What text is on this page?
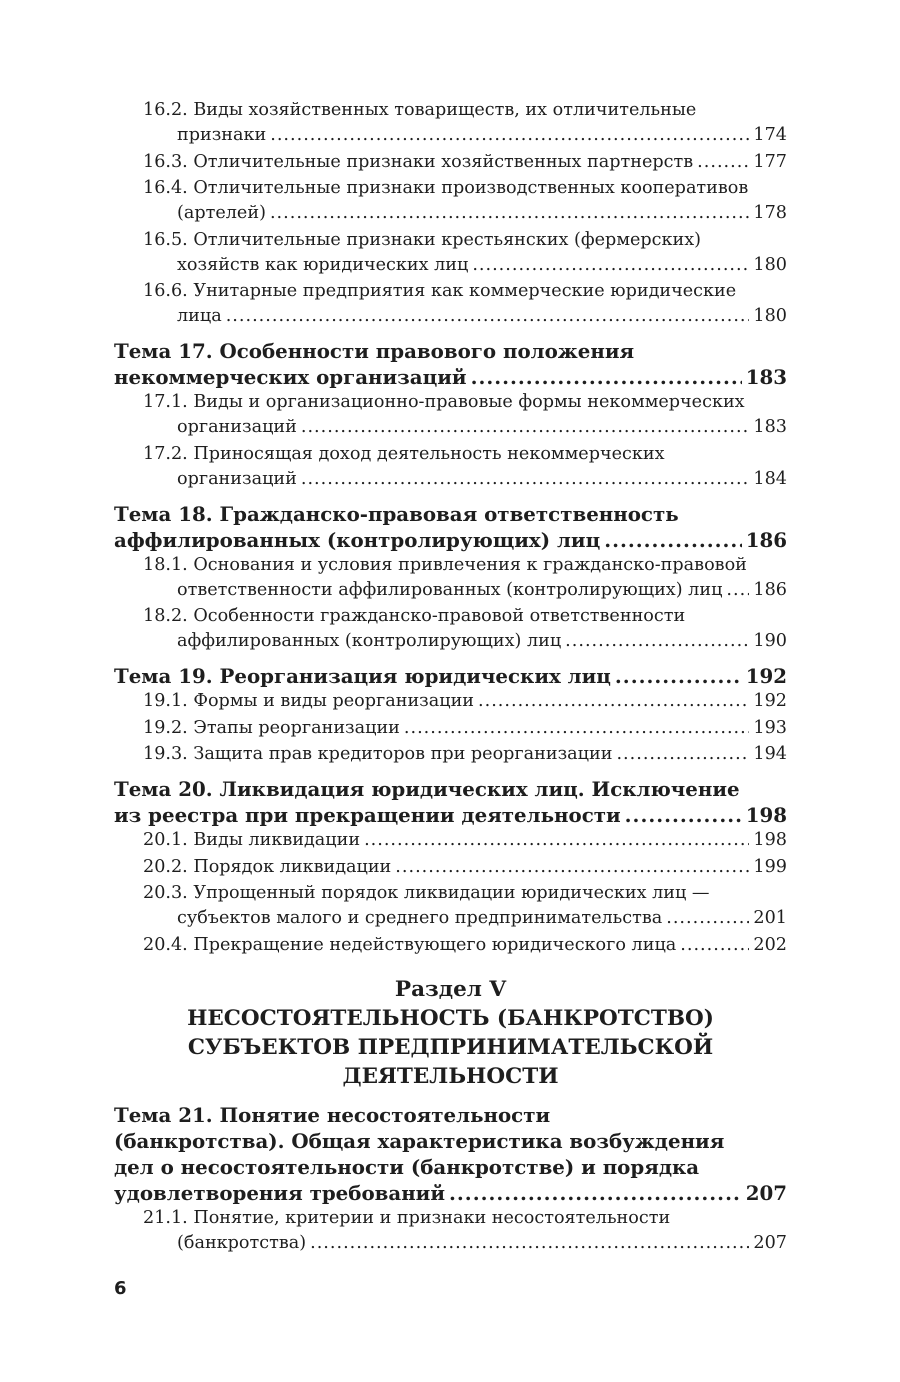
16.2. Виды хозяйственных товариществ, их отличительные
признаки .....	174
16.3. Отличительные признаки хозяйственных партнерств .....	177
16.4. Отличительные признаки производственных кооперативов
(артелей) .....	178
16.5. Отличительные признаки крестьянских (фермерских)
хозяйств как юридических лиц .....	180
16.6. Унитарные предприятия как коммерческие юридические
лица .....	180
Тема 17. Особенности правового положения
некоммерческих организаций .....	183
17.1. Виды и организационно-правовые формы некоммерческих
организаций .....	183
17.2. Приносящая доход деятельность некоммерческих
организаций .....	184
Тема 18. Гражданско-правовая ответственность
аффилированных (контролирующих) лиц .....	186
18.1. Основания и условия привлечения к гражданско-правовой
ответственности аффилированных (контролирующих) лиц ..... 186
18.2. Особенности гражданско-правовой ответственности
аффилированных (контролирующих) лиц .....	190
Тема 19. Реорганизация юридических лиц .....	192
19.1. Формы и виды реорганизации .....	192
19.2. Этапы реорганизации .....	193
19.3. Защита прав кредиторов при реорганизации .....	194
Тема 20. Ликвидация юридических лиц. Исключение
из реестра при прекращении деятельности .....	198
20.1. Виды ликвидации .....	198
20.2. Порядок ликвидации .....	199
20.3. Упрощенный порядок ликвидации юридических лиц —
субъектов малого и среднего предпринимательства .....	201
20.4. Прекращение недействующего юридического лица .....	202
Раздел V
НЕСОСТОЯТЕЛЬНОСТЬ (БАНКРОТСТВО)
СУБЪЕКТОВ ПРЕДПРИНИМАТЕЛЬСКОЙ
ДЕЯТЕЛЬНОСТИ
Тема 21. Понятие несостоятельности
(банкротства). Общая характеристика возбуждения
дел о несостоятельности (банкротстве) и порядка
удовлетворения требований .....	207
21.1. Понятие, критерии и признаки несостоятельности
(банкротства) .....	207
6
